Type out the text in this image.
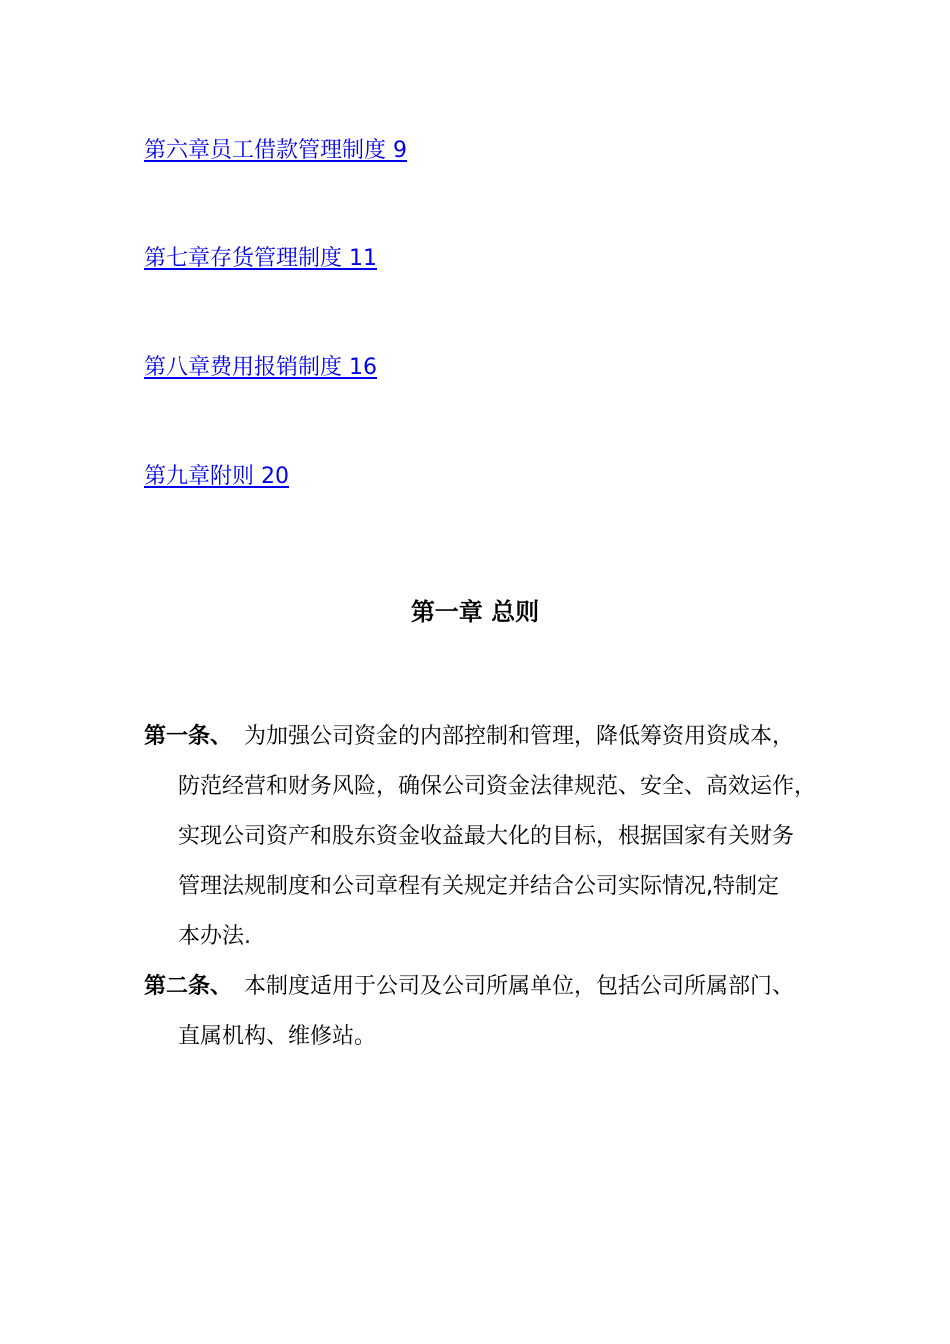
第六章员工借款管理制度 9
第七章存货管理制度 11
第八章费用报销制度 16
第九章附则 20
第一章 总则
第一条、 为加强公司资金的内部控制和管理，降低筹资用资成本，
防范经营和财务风险，确保公司资金法律规范、安全、高效运作，
实现公司资产和股东资金收益最大化的目标，根据国家有关财务
管理法规制度和公司章程有关规定并结合公司实际情况,特制定
本办法.
第二条、 本制度适用于公司及公司所属单位，包括公司所属部门、
直属机构、维修站。
